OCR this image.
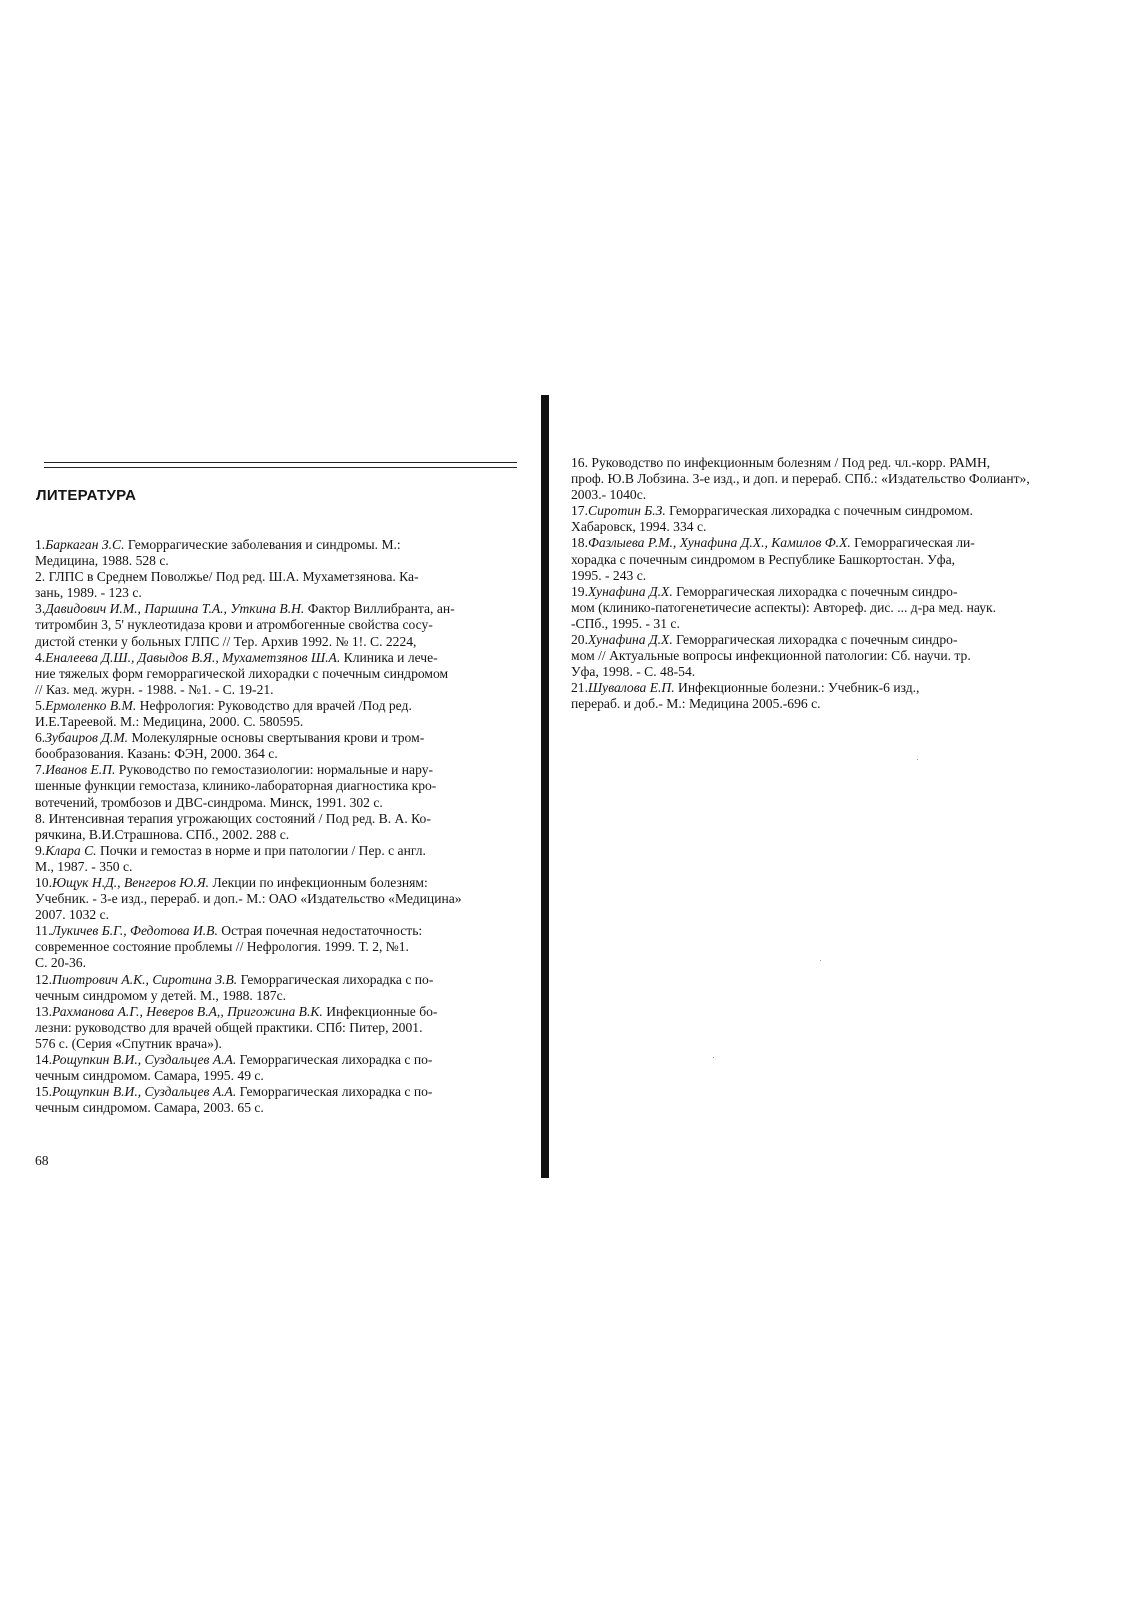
ЛИТЕРАТУРА
1.Баркаган З.С. Геморрагические заболевания и синдромы. М.:
Медицина, 1988. 528 с.
2. ГЛПС в Среднем Поволжье/ Под ред. Ш.А. Мухаметзянова. Ка-
зань, 1989. - 123 с.
3.Давидович И.М., Паршина Т.А., Уткина В.Н. Фактор Виллибранта, ан-
титромбин 3, 5' нуклеотидаза крови и атромбогенные свойства сосу-
дистой стенки у больных ГЛПС // Тер. Архив 1992. № 1!. С. 2224,
4.Еналеева Д.Ш., Давыдов В.Я., Мухаметзянов Ш.А. Клиника и лече-
ние тяжелых форм геморрагической лихорадки с почечным синдромом
// Каз. мед. журн. - 1988. - №1. - С. 19-21.
5.Ермоленко В.М. Нефрология: Руководство для врачей /Под ред.
И.Е.Тареевой. М.: Медицина, 2000. С. 580595.
6.Зубаиров Д.М. Молекулярные основы свертывания крови и тром-
бообразования. Казань: ФЭН, 2000. 364 с.
7.Иванов Е.П. Руководство по гемостазиологии: нормальные и нару-
шенные функции гемостаза, клинико-лабораторная диагностика кро-
вотечений, тромбозов и ДВС-синдрома. Минск, 1991. 302 с.
8. Интенсивная терапия угрожающих состояний / Под ред. В. А. Ко-
рячкина, В.И.Страшнова. СПб., 2002. 288 с.
9.Клара С. Почки и гемостаз в норме и при патологии / Пер. с англ.
М., 1987. - 350 с.
10.Ющук Н.Д., Венгеров Ю.Я. Лекции по инфекционным болезням:
Учебник. - 3-е изд., перераб. и доп.- М.: ОАО «Издательство «Медицина»
2007. 1032 с.
11.Лукичев Б.Г., Федотова И.В. Острая почечная недостаточность:
современное состояние проблемы // Нефрология. 1999. Т. 2, №1.
С. 20-36.
12.Пиотрович А.К., Сиротина З.В. Геморрагическая лихорадка с по-
чечным синдромом у детей. М., 1988. 187с.
13.Рахманова А.Г., Неверов В.А,, Пригожина В.К. Инфекционные бо-
лезни: руководство для врачей общей практики. СПб: Питер, 2001.
576 с. (Серия «Спутник врача»).
14.Рощупкин В.И., Суздальцев А.А. Геморрагическая лихорадка с по-
чечным синдромом. Самара, 1995. 49 с.
15.Рощупкин В.И., Суздальцев А.А. Геморрагическая лихорадка с по-
чечным синдромом. Самара, 2003. 65 с.
16. Руководство по инфекционным болезням / Под ред. чл.-корр. РАМН,
проф. Ю.В Лобзина. 3-е изд., и доп. и перераб. СПб.: «Издательство Фолиант»,
2003.- 1040с.
17.Сиротин Б.З. Геморрагическая лихорадка с почечным синдромом.
Хабаровск, 1994. 334 с.
18.Фазлыева Р.М., Хунафина Д.Х., Камилов Ф.Х. Геморрагическая ли-
хорадка с почечным синдромом в Республике Башкортостан. Уфа,
1995. - 243 с.
19.Хунафина Д.Х. Геморрагическая лихорадка с почечным синдро-
мом (клинико-патогенетичесие аспекты): Автореф. дис. ... д-ра мед. наук.
-СПб., 1995. - 31 с.
20.Хунафина Д.Х. Геморрагическая лихорадка с почечным синдро-
мом // Актуальные вопросы инфекционной патологии: Сб. научи. тр.
Уфа, 1998. - С. 48-54.
21.Шувалова Е.П. Инфекционные болезни.: Учебник-6 изд.,
перераб. и доб.- М.: Медицина 2005.-696 с.
68
